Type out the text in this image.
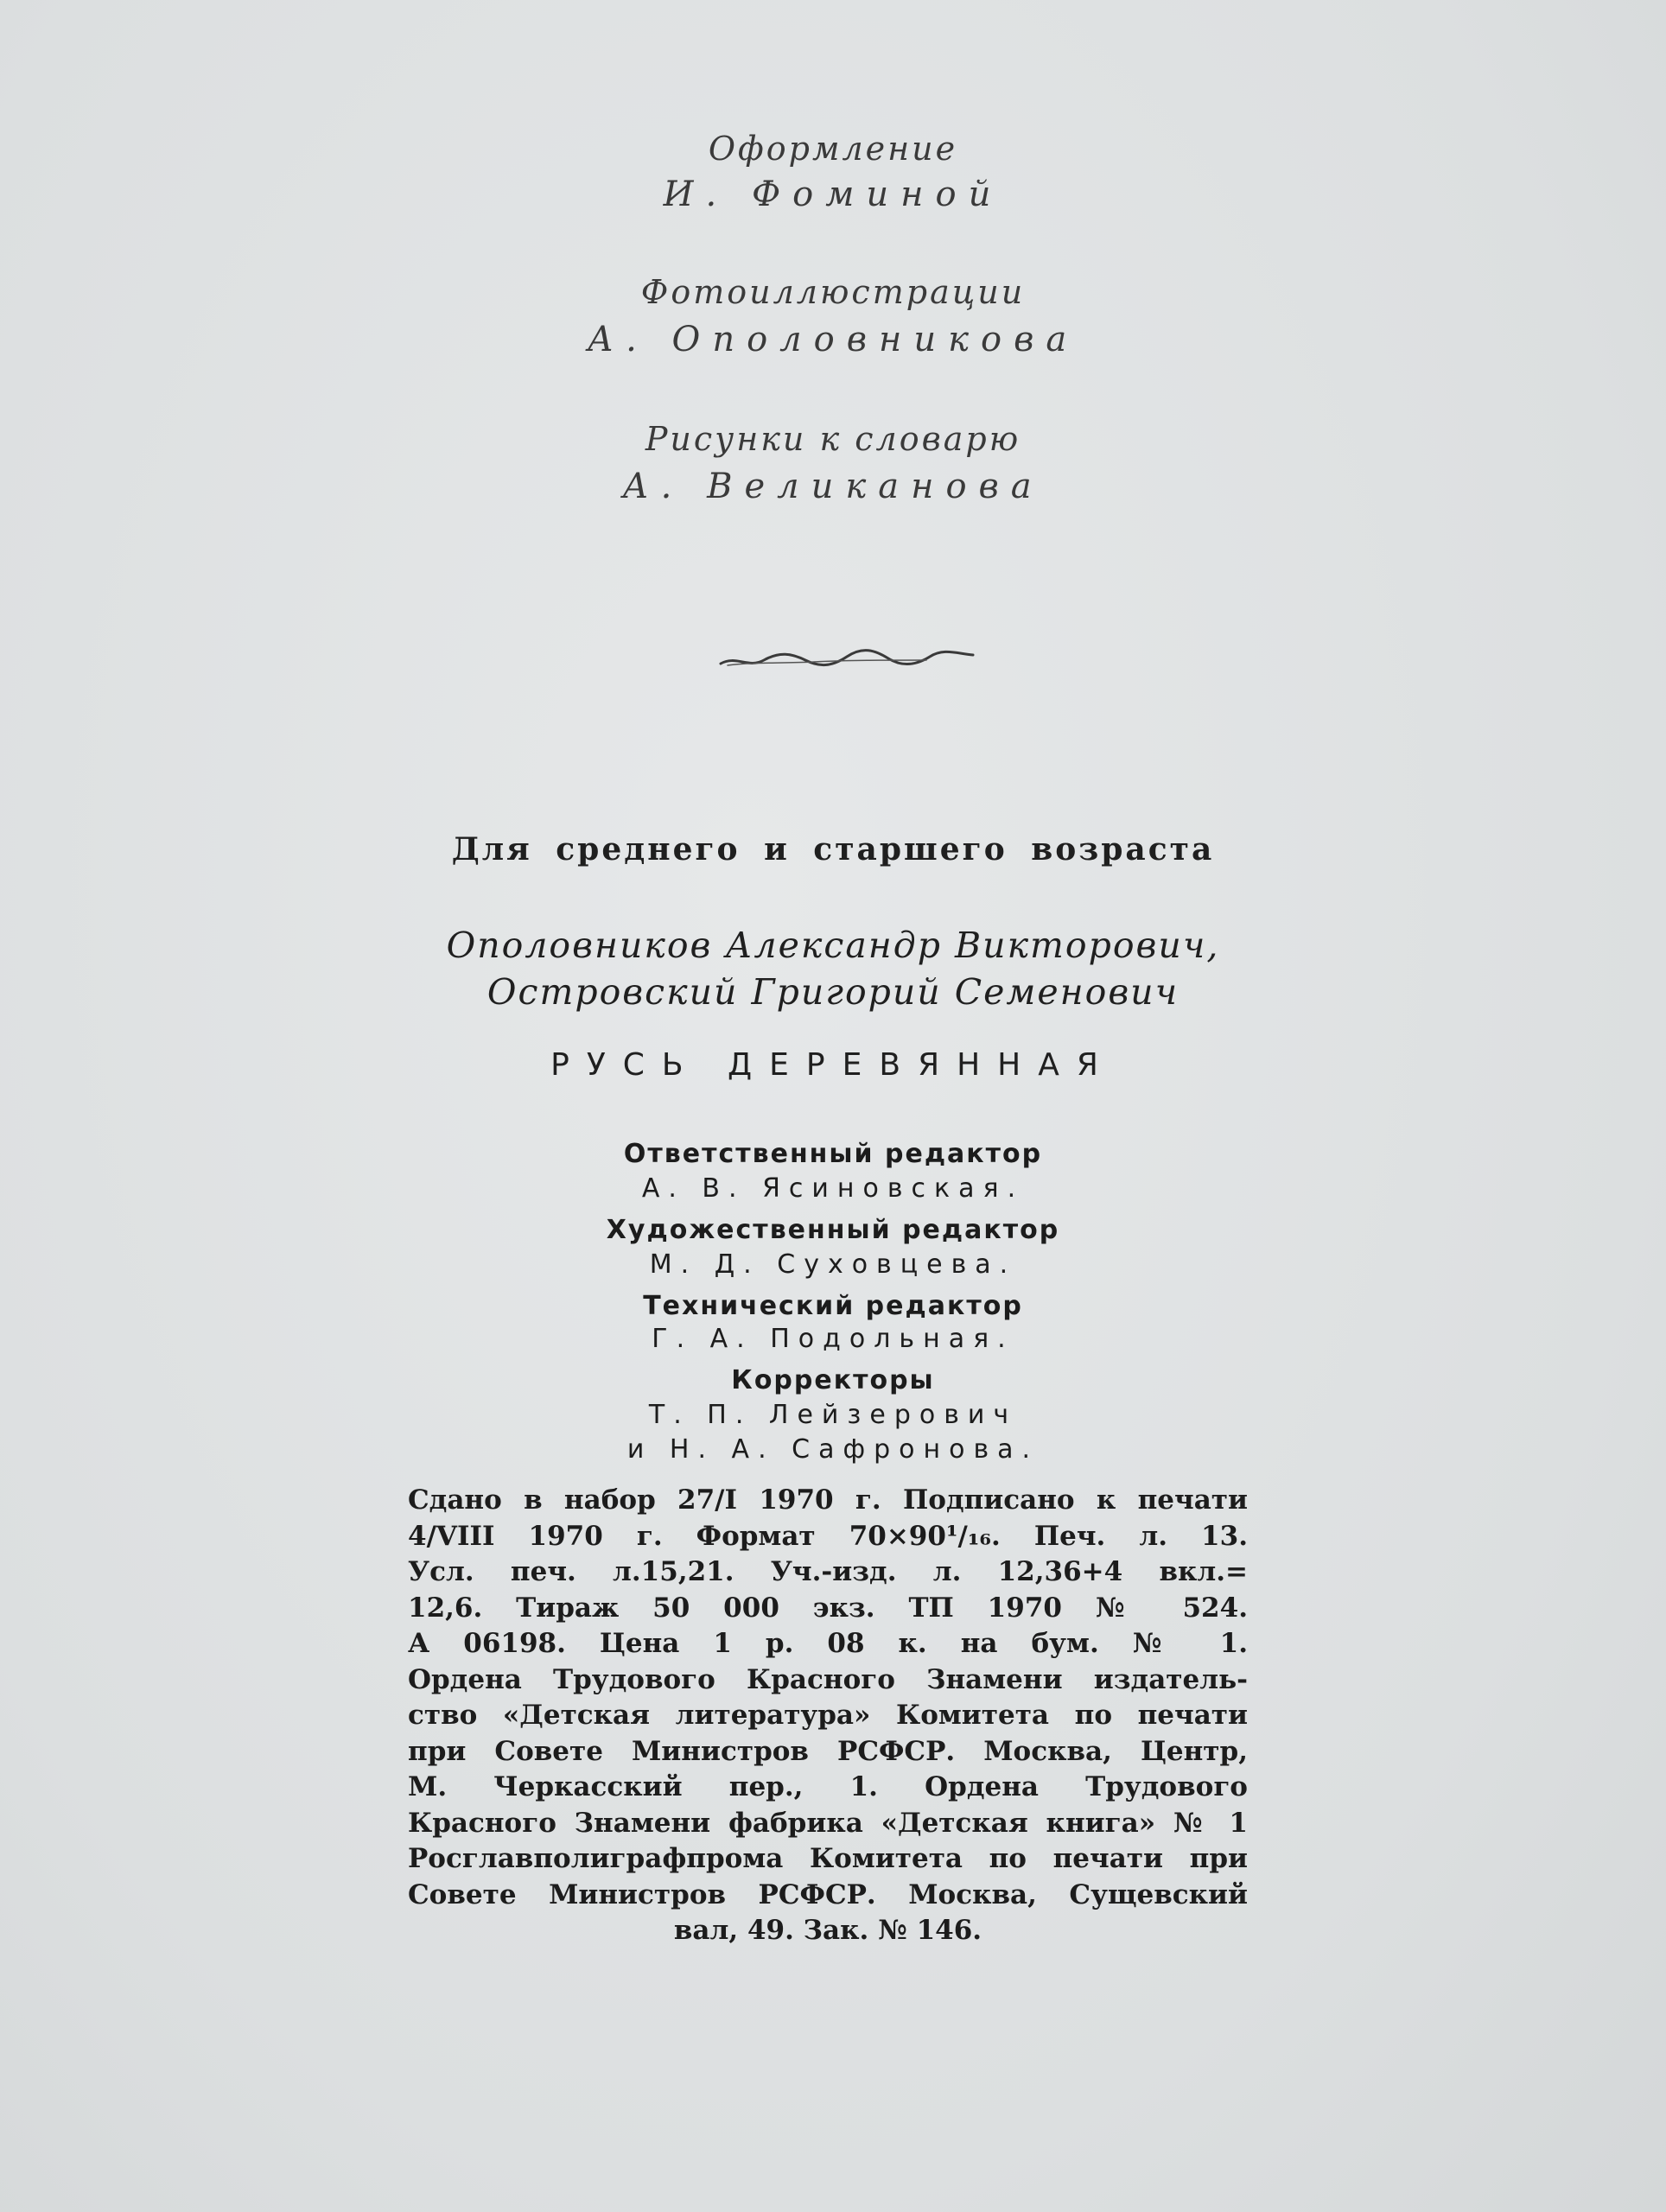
Оформление
И. Фоминой
Фотоиллюстрации
А. Ополовникова
Рисунки к словарю
А. Великанова
Для среднего и старшего возраста
Ополовников Александр Викторович,
Островский Григорий Семенович
РУСЬ ДЕРЕВЯННАЯ
Ответственный редактор
А. В. Ясиновская.
Художественный редактор
М. Д. Суховцева.
Технический редактор
Г. А. Подольная.
Корректоры
Т. П. Лейзерович
и Н. А. Сафронова.
Сдано в набор 27/I 1970 г. Подписано к печати
4/VIII 1970 г. Формат 70×90¹/₁₆. Печ. л. 13.
Усл. печ. л.15,21. Уч.-изд. л. 12,36+4 вкл.=
12,6. Тираж 50 000 экз. ТП 1970 № 524.
А 06198. Цена 1 р. 08 к. на бум. № 1.
Ордена Трудового Красного Знамени издатель-
ство «Детская литература» Комитета по печати
при Совете Министров РСФСР. Москва, Центр,
М. Черкасский пер., 1. Ордена Трудового
Красного Знамени фабрика «Детская книга» № 1
Росглавполиграфпрома Комитета по печати при
Совете Министров РСФСР. Москва, Сущевский
вал, 49. Зак. № 146.
